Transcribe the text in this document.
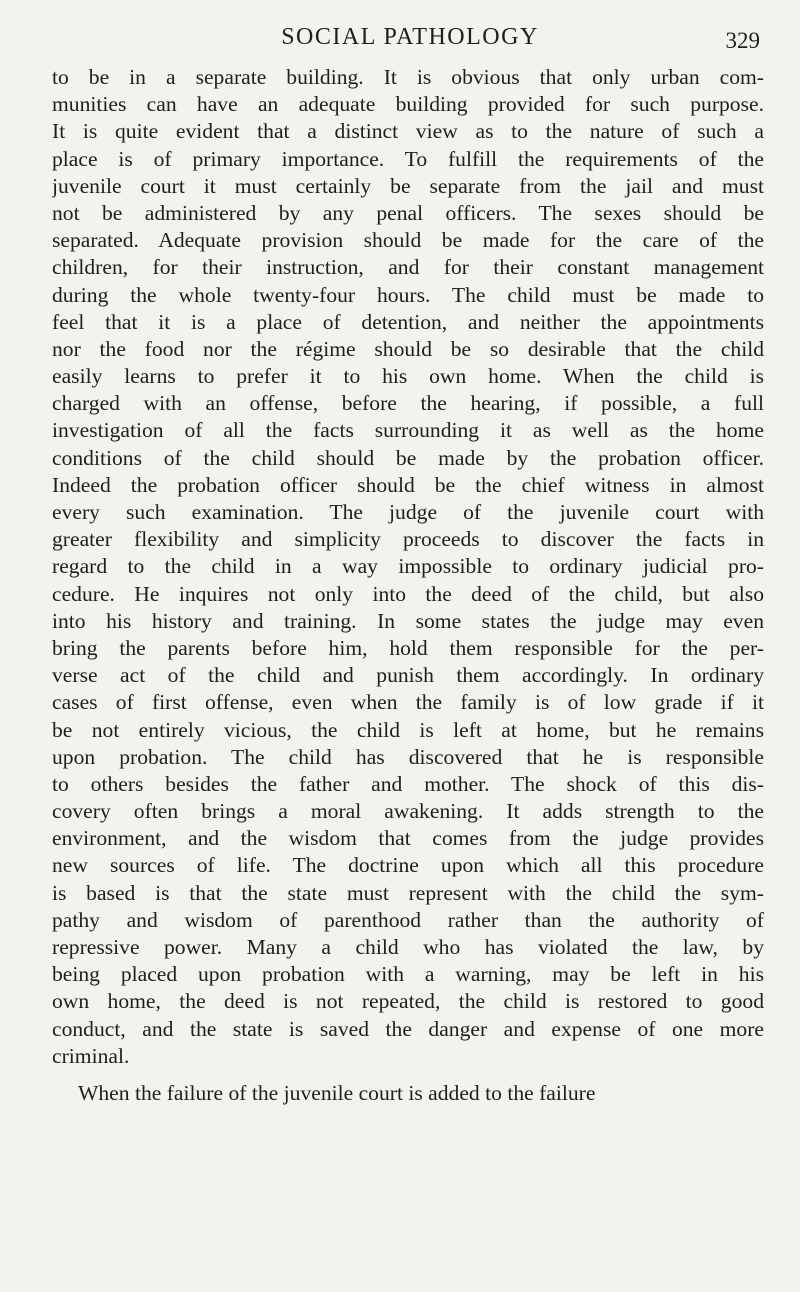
SOCIAL PATHOLOGY	329
to be in a separate building. It is obvious that only urban com-
munities can have an adequate building provided for such purpose.
It is quite evident that a distinct view as to the nature of such a
place is of primary importance. To fulfill the requirements of the
juvenile court it must certainly be separate from the jail and must
not be administered by any penal officers. The sexes should be
separated. Adequate provision should be made for the care of the
children, for their instruction, and for their constant management
during the whole twenty-four hours. The child must be made to
feel that it is a place of detention, and neither the appointments
nor the food nor the régime should be so desirable that the child
easily learns to prefer it to his own home. When the child is
charged with an offense, before the hearing, if possible, a full
investigation of all the facts surrounding it as well as the home
conditions of the child should be made by the probation officer.
Indeed the probation officer should be the chief witness in almost
every such examination. The judge of the juvenile court with
greater flexibility and simplicity proceeds to discover the facts in
regard to the child in a way impossible to ordinary judicial pro-
cedure. He inquires not only into the deed of the child, but also
into his history and training. In some states the judge may even
bring the parents before him, hold them responsible for the per-
verse act of the child and punish them accordingly. In ordinary
cases of first offense, even when the family is of low grade if it
be not entirely vicious, the child is left at home, but he remains
upon probation. The child has discovered that he is responsible
to others besides the father and mother. The shock of this dis-
covery often brings a moral awakening. It adds strength to the
environment, and the wisdom that comes from the judge provides
new sources of life. The doctrine upon which all this procedure
is based is that the state must represent with the child the sym-
pathy and wisdom of parenthood rather than the authority of
repressive power. Many a child who has violated the law, by
being placed upon probation with a warning, may be left in his
own home, the deed is not repeated, the child is restored to good
conduct, and the state is saved the danger and expense of one more
criminal.
When the failure of the juvenile court is added to the failure
